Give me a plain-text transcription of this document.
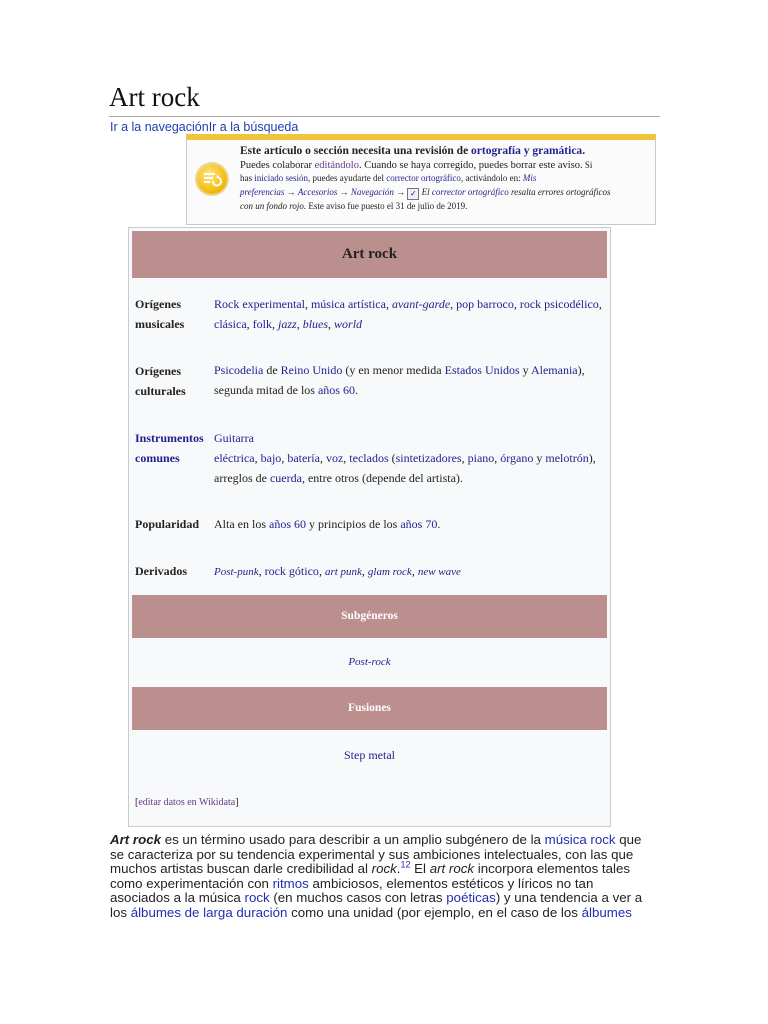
Art rock
Ir a la navegaciónIr a la búsqueda
Este artículo o sección necesita una revisión de ortografía y gramática.
Puedes colaborar editándolo. Cuando se haya corregido, puedes borrar este aviso. Si
has iniciado sesión, puedes ayudarte del corrector ortográfico, activándolo en: Mis
preferencias → Accesorios → Navegación → ✓ El corrector ortográfico resalta errores ortográficos
con un fondo rojo. Este aviso fue puesto el 31 de julio de 2019.
Art rock
Orígenes musicales
Rock experimental, música artística, avant-garde, pop barroco, rock psicodélico, clásica, folk, jazz, blues, world
Orígenes culturales
Psicodelia de Reino Unido (y en menor medida Estados Unidos y Alemania),
segunda mitad de los años 60.
Instrumentos comunes
Guitarra
eléctrica, bajo, batería, voz, teclados (sintetizadores, piano, órgano y melotrón),
arreglos de cuerda, entre otros (depende del artista).
Popularidad	Alta en los años 60 y principios de los años 70.
Derivados	Post-punk, rock gótico, art punk, glam rock, new wave
Subgéneros
Post-rock
Fusiones
Step metal
[editar datos en Wikidata]
Art rock es un término usado para describir a un amplio subgénero de la música rock que se caracteriza por su tendencia experimental y sus ambiciones intelectuales, con las que muchos artistas buscan darle credibilidad al rock.$^{12}$ El art rock incorpora elementos tales como experimentación con ritmos ambiciosos, elementos estéticos y líricos no tan asociados a la música rock (en muchos casos con letras poéticas) y una tendencia a ver a los álbumes de larga duración como una unidad (por ejemplo, en el caso de los álbumes
